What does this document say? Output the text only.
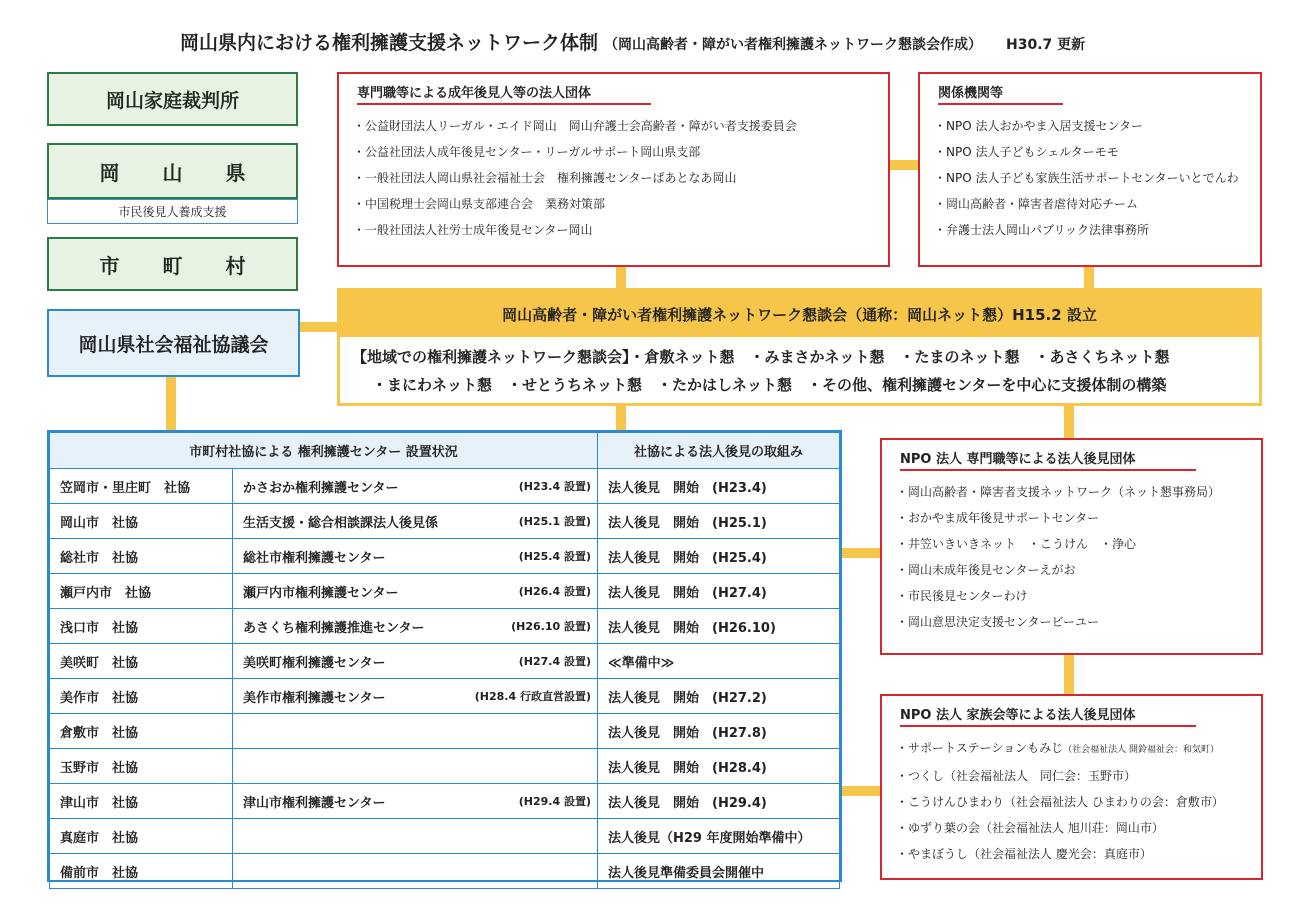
岡山県内における権利擁護支援ネットワーク体制 （岡山高齢者・障がい者権利擁護ネットワーク懇談会作成） H30.7 更新
岡山家庭裁判所
岡 山 県
市民後見人養成支援
市 町 村
岡山県社会福祉協議会
専門職等による成年後見人等の法人団体
・公益財団法人リーガル・エイド岡山　岡山弁護士会高齢者・障がい者支援委員会
・公益社団法人成年後見センター・リーガルサポート岡山県支部
・一般社団法人岡山県社会福祉士会　権利擁護センターぱあとなあ岡山
・中国税理士会岡山県支部連合会　業務対策部
・一般社団法人社労士成年後見センター岡山
関係機関等
・NPO 法人おかやま入居支援センター
・NPO 法人子どもシェルターモモ
・NPO 法人子ども家族生活サポートセンターいとでんわ
・岡山高齢者・障害者虐待対応チーム
・弁護士法人岡山パブリック法律事務所
岡山高齢者・障がい者権利擁護ネットワーク懇談会（通称：岡山ネット懇）H15.2 設立
【地域での権利擁護ネットワーク懇談会】・倉敷ネット懇　・みまさかネット懇　・たまのネット懇　・あさくちネット懇
・まにわネット懇　・せとうちネット懇　・たかはしネット懇　・その他、権利擁護センターを中心に支援体制の構築
市町村社協による 権利擁護センター 設置状況		社協による法人後見の取組み
笠岡市・里庄町　社協	かさおか権利擁護センター (H23.4 設置)	法人後見　開始　(H23.4)
岡山市　社協	生活支援・総合相談課法人後見係 (H25.1 設置)	法人後見　開始　(H25.1)
総社市　社協	総社市権利擁護センター (H25.4 設置)	法人後見　開始　(H25.4)
瀬戸内市　社協	瀬戸内市権利擁護センター (H26.4 設置)	法人後見　開始　(H27.4)
浅口市　社協	あさくち権利擁護推進センター (H26.10 設置)	法人後見　開始　(H26.10)
美咲町　社協	美咲町権利擁護センター (H27.4 設置)	≪準備中≫
美作市　社協	美作市権利擁護センター (H28.4 行政直営設置)	法人後見　開始　(H27.2)
倉敷市　社協		法人後見　開始　(H27.8)
玉野市　社協		法人後見　開始　(H28.4)
津山市　社協	津山市権利擁護センター (H29.4 設置)	法人後見　開始　(H29.4)
真庭市　社協		法人後見（H29 年度開始準備中）
備前市　社協		法人後見準備委員会開催中
NPO 法人 専門職等による法人後見団体
・岡山高齢者・障害者支援ネットワーク（ネット懇事務局）
・おかやま成年後見サポートセンター
・井笠いきいきネット　・こうけん　・浄心
・岡山未成年後見センターえがお
・市民後見センターわけ
・岡山意思決定支援センタービーユー
NPO 法人 家族会等による法人後見団体
・サポートステーションもみじ（社会福祉法人 開鈴福祉会：和気町）
・つくし（社会福祉法人　同仁会：玉野市）
・こうけんひまわり（社会福祉法人 ひまわりの会：倉敷市）
・ゆずり葉の会（社会福祉法人 旭川荘：岡山市）
・やまぼうし（社会福祉法人 慶光会：真庭市）
